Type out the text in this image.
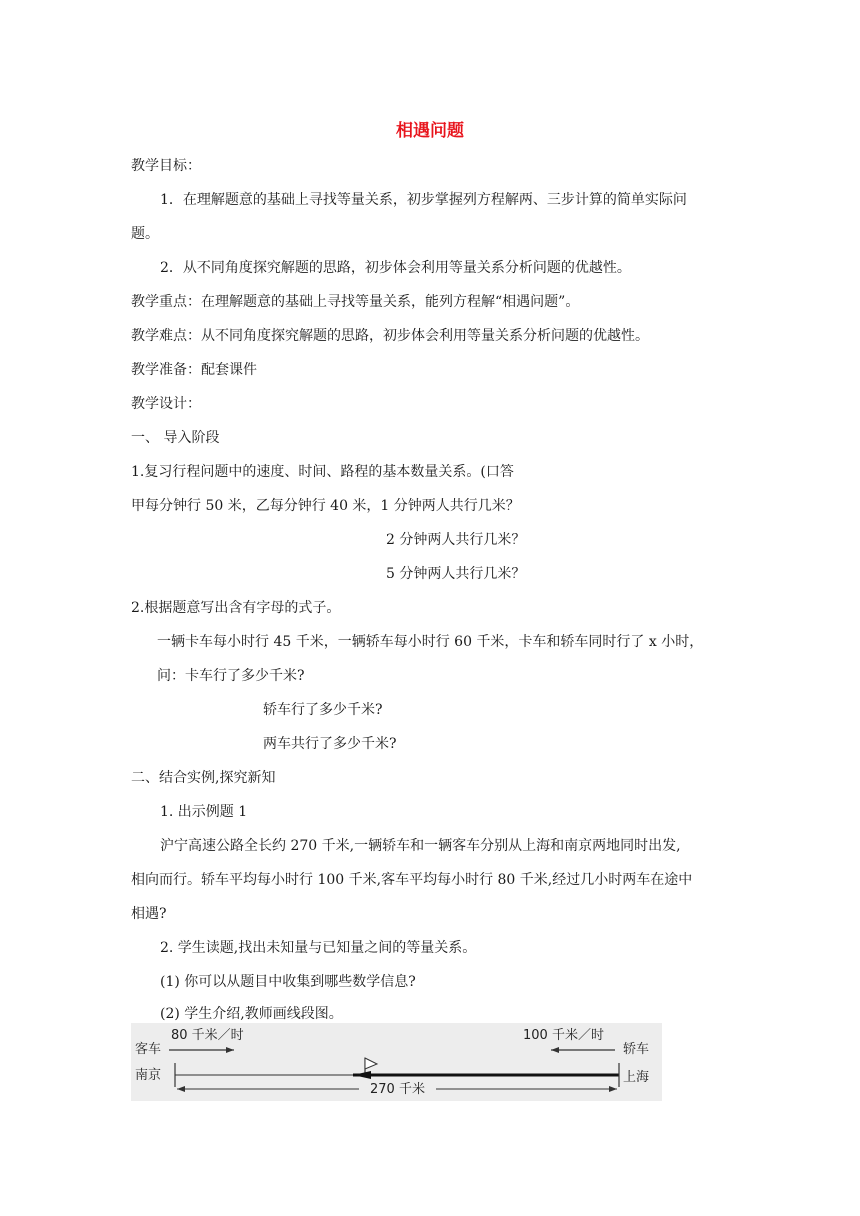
相遇问题
教学目标：
1．在理解题意的基础上寻找等量关系，初步掌握列方程解两、三步计算的简单实际问
题。
2．从不同角度探究解题的思路，初步体会利用等量关系分析问题的优越性。
教学重点：在理解题意的基础上寻找等量关系，能列方程解“相遇问题”。
教学难点：从不同角度探究解题的思路，初步体会利用等量关系分析问题的优越性。
教学准备：配套课件
教学设计：
一、 导入阶段
1.复习行程问题中的速度、时间、路程的基本数量关系。(口答
甲每分钟行 50 米，乙每分钟行 40 米，1 分钟两人共行几米？
2 分钟两人共行几米？
5 分钟两人共行几米？
2.根据题意写出含有字母的式子。
一辆卡车每小时行 45 千米，一辆轿车每小时行 60 千米，卡车和轿车同时行了 x 小时，
问：卡车行了多少千米?
轿车行了多少千米?
两车共行了多少千米?
二、结合实例,探究新知
1. 出示例题 1
沪宁高速公路全长约 270 千米,一辆轿车和一辆客车分别从上海和南京两地同时出发,
相向而行。轿车平均每小时行 100 千米,客车平均每小时行 80 千米,经过几小时两车在途中
相遇?
2. 学生读题,找出未知量与已知量之间的等量关系。
(1) 你可以从题目中收集到哪些数学信息?
(2) 学生介绍,教师画线段图。
客车
南京
80 千米／时	100 千米／时
轿车
上海
270 千米
